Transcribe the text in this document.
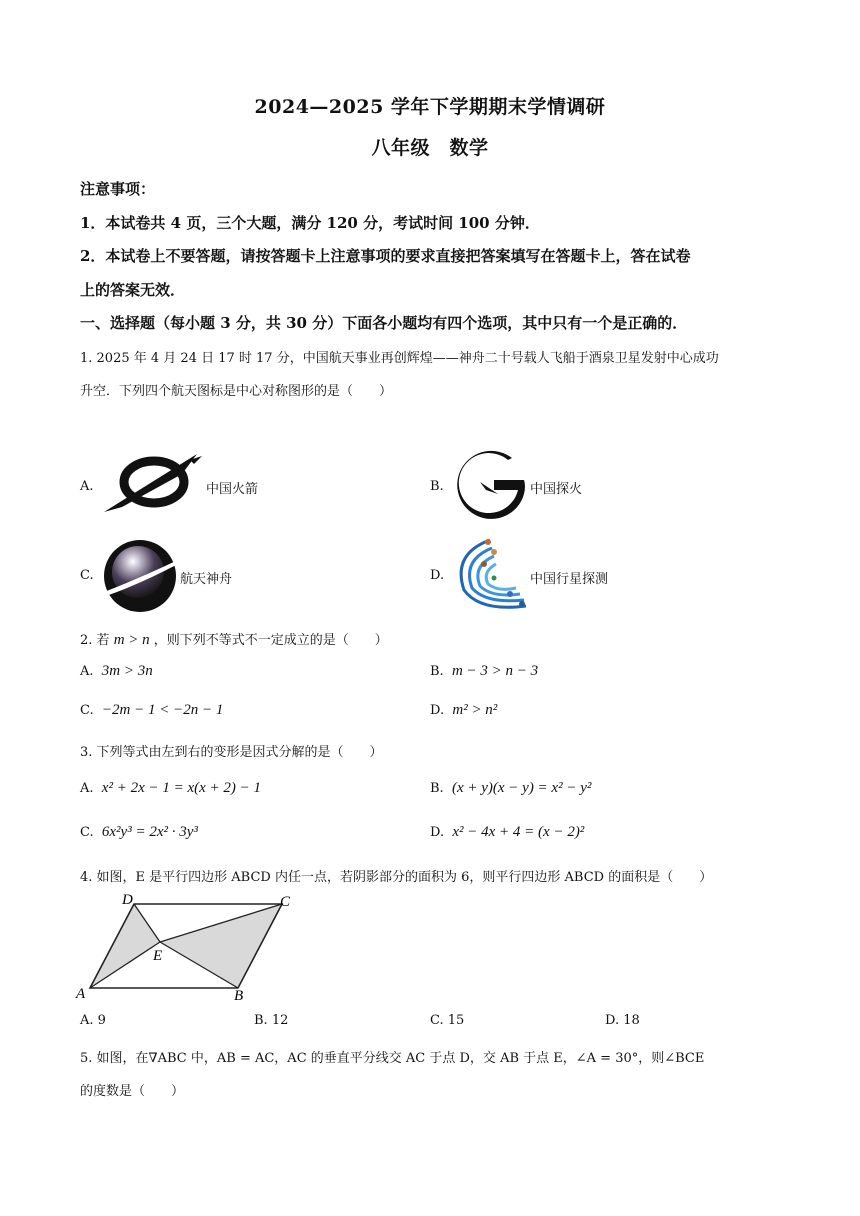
2024—2025 学年下学期期末学情调研
八年级　数学
注意事项：
1．本试卷共 4 页，三个大题，满分 120 分，考试时间 100 分钟．
2．本试卷上不要答题，请按答题卡上注意事项的要求直接把答案填写在答题卡上，答在试卷
上的答案无效．
一、选择题（每小题 3 分，共 30 分）下面各小题均有四个选项，其中只有一个是正确的．
1. 2025 年 4 月 24 日 17 时 17 分，中国航天事业再创辉煌——神舟二十号载人飞船于酒泉卫星发射中心成功
升空．下列四个航天图标是中心对称图形的是（　　）
A.	中国火箭	B.	中国探火
C.	航天神舟	D.	中国行星探测
2. 若 m > n ，则下列不等式不一定成立的是（　　）
A. 3m > 3n	B. m − 3 > n − 3
C. −2m − 1 < −2n − 1	D. m² > n²
3. 下列等式由左到右的变形是因式分解的是（　　）
A. x² + 2x − 1 = x(x + 2) − 1	B. (x + y)(x − y) = x² − y²
C. 6x²y³ = 2x² · 3y³	D. x² − 4x + 4 = (x − 2)²
4. 如图，E 是平行四边形 ABCD 内任一点，若阴影部分的面积为 6，则平行四边形 ABCD 的面积是（　　）
A	B
C
D
E
A. 9	B. 12	C. 15	D. 18
5. 如图，在∇ABC 中，AB = AC，AC 的垂直平分线交 AC 于点 D，交 AB 于点 E，∠A = 30°，则∠BCE
的度数是（　　）
